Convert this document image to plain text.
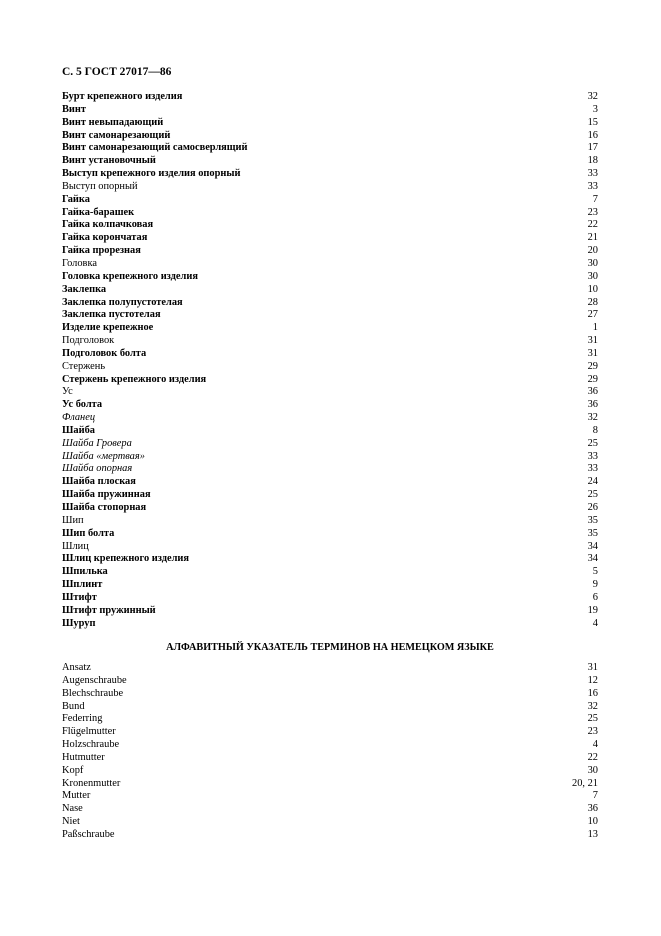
С. 5 ГОСТ 27017—86
Бурт крепежного изделия	32
Винт	3
Винт невыпадающий	15
Винт самонарезающий	16
Винт самонарезающий самосверлящий	17
Винт установочный	18
Выступ крепежного изделия опорный	33
Выступ опорный	33
Гайка	7
Гайка-барашек	23
Гайка колпачковая	22
Гайка корончатая	21
Гайка прорезная	20
Головка	30
Головка крепежного изделия	30
Заклепка	10
Заклепка полупустотелая	28
Заклепка пустотелая	27
Изделие крепежное	1
Подголовок	31
Подголовок болта	31
Стержень	29
Стержень крепежного изделия	29
Ус	36
Ус болта	36
Фланец	32
Шайба	8
Шайба Гровера	25
Шайба «мертвая»	33
Шайба опорная	33
Шайба плоская	24
Шайба пружинная	25
Шайба стопорная	26
Шип	35
Шип болта	35
Шлиц	34
Шлиц крепежного изделия	34
Шпилька	5
Шплинт	9
Штифт	6
Штифт пружинный	19
Шуруп	4
АЛФАВИТНЫЙ УКАЗАТЕЛЬ ТЕРМИНОВ НА НЕМЕЦКОМ ЯЗЫКЕ
Ansatz	31
Augenschraube	12
Blechschraube	16
Bund	32
Federring	25
Flügelmutter	23
Holzschraube	4
Hutmutter	22
Kopf	30
Kronenmutter	20, 21
Mutter	7
Nase	36
Niet	10
Paßschraube	13
